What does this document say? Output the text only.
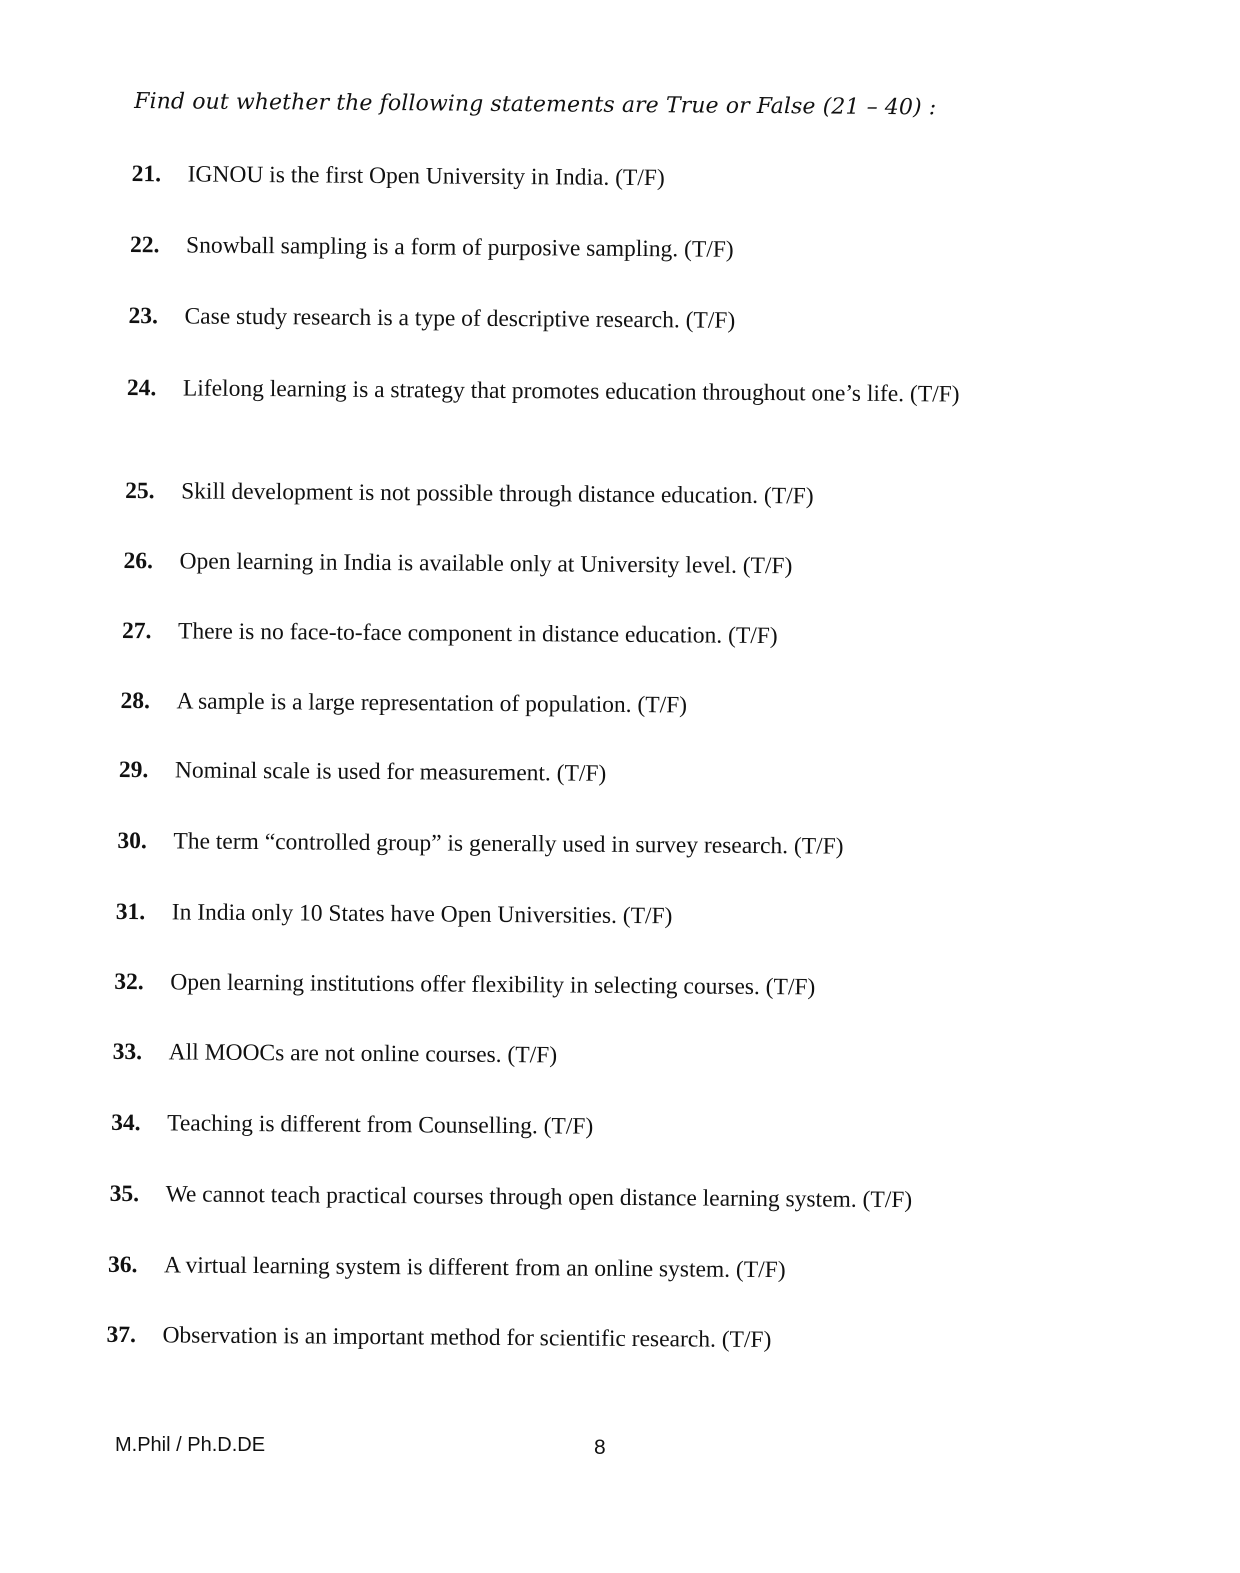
Find out whether the following statements are True or False (21 – 40) :
21.	IGNOU is the first Open University in India. (T/F)
22.	Snowball sampling is a form of purposive sampling. (T/F)
23.	Case study research is a type of descriptive research. (T/F)
24.	Lifelong learning is a strategy that promotes education throughout one’s life. (T/F)
25.	Skill development is not possible through distance education. (T/F)
26.	Open learning in India is available only at University level. (T/F)
27.	There is no face-to-face component in distance education. (T/F)
28.	A sample is a large representation of population. (T/F)
29.	Nominal scale is used for measurement. (T/F)
30.	The term “controlled group” is generally used in survey research. (T/F)
31.	In India only 10 States have Open Universities. (T/F)
32.	Open learning institutions offer flexibility in selecting courses. (T/F)
33.	All MOOCs are not online courses. (T/F)
34.	Teaching is different from Counselling. (T/F)
35.	We cannot teach practical courses through open distance learning system. (T/F)
36.	A virtual learning system is different from an online system. (T/F)
37.	Observation is an important method for scientific research. (T/F)
M.Phil / Ph.D.DE	8
